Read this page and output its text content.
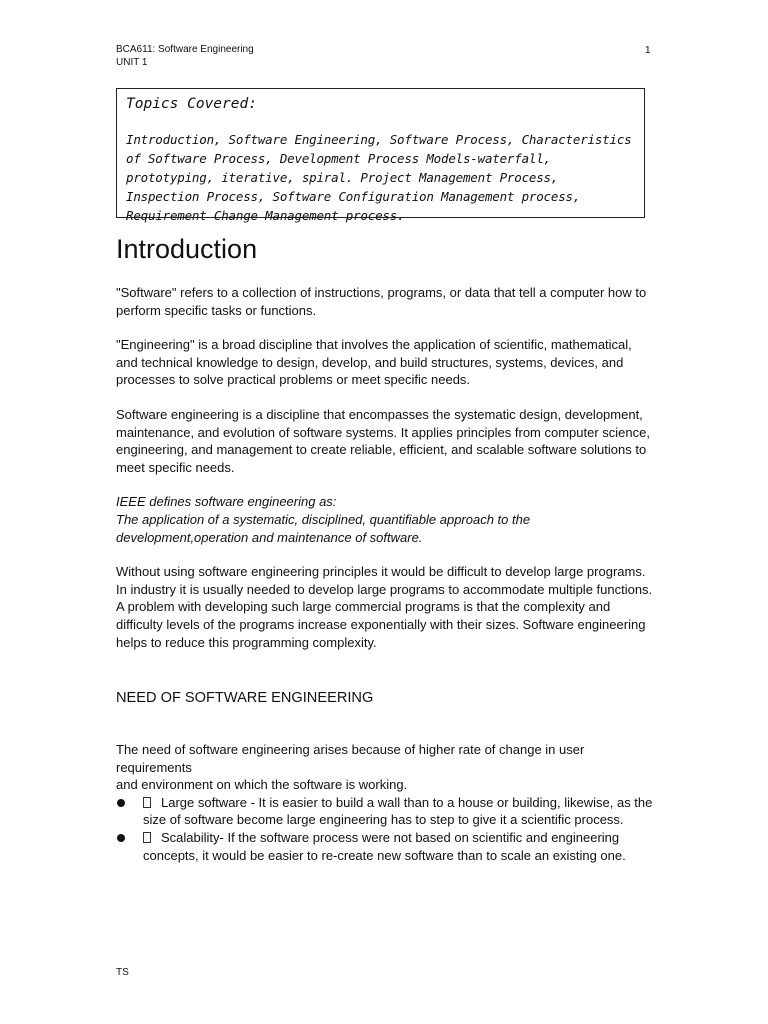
BCA611: Software Engineering
UNIT 1
1

Topics Covered:

Introduction, Software Engineering, Software Process, Characteristics of Software Process, Development Process Models-waterfall, prototyping, iterative, spiral. Project Management Process, Inspection Process, Software Configuration Management process, Requirement Change Management process.

Introduction

"Software" refers to a collection of instructions, programs, or data that tell a computer how to perform specific tasks or functions.

"Engineering" is a broad discipline that involves the application of scientific, mathematical, and technical knowledge to design, develop, and build structures, systems, devices, and processes to solve practical problems or meet specific needs.

Software engineering is a discipline that encompasses the systematic design, development, maintenance, and evolution of software systems. It applies principles from computer science, engineering, and management to create reliable, efficient, and scalable software solutions to meet specific needs.

IEEE defines software engineering as:
The application of a systematic, disciplined, quantifiable approach to the development,operation and maintenance of software.

Without using software engineering principles it would be difficult to develop large programs. In industry it is usually needed to develop large programs to accommodate multiple functions. A problem with developing such large commercial programs is that the complexity and difficulty levels of the programs increase exponentially with their sizes. Software engineering helps to reduce this programming complexity.

NEED OF SOFTWARE ENGINEERING
The need of software engineering arises because of higher rate of change in user requirements
and environment on which the software is working.
Large software - It is easier to build a wall than to a house or building, likewise, as the size of software become large engineering has to step to give it a scientific process.
Scalability- If the software process were not based on scientific and engineering concepts, it would be easier to re-create new software than to scale an existing one.
TS
